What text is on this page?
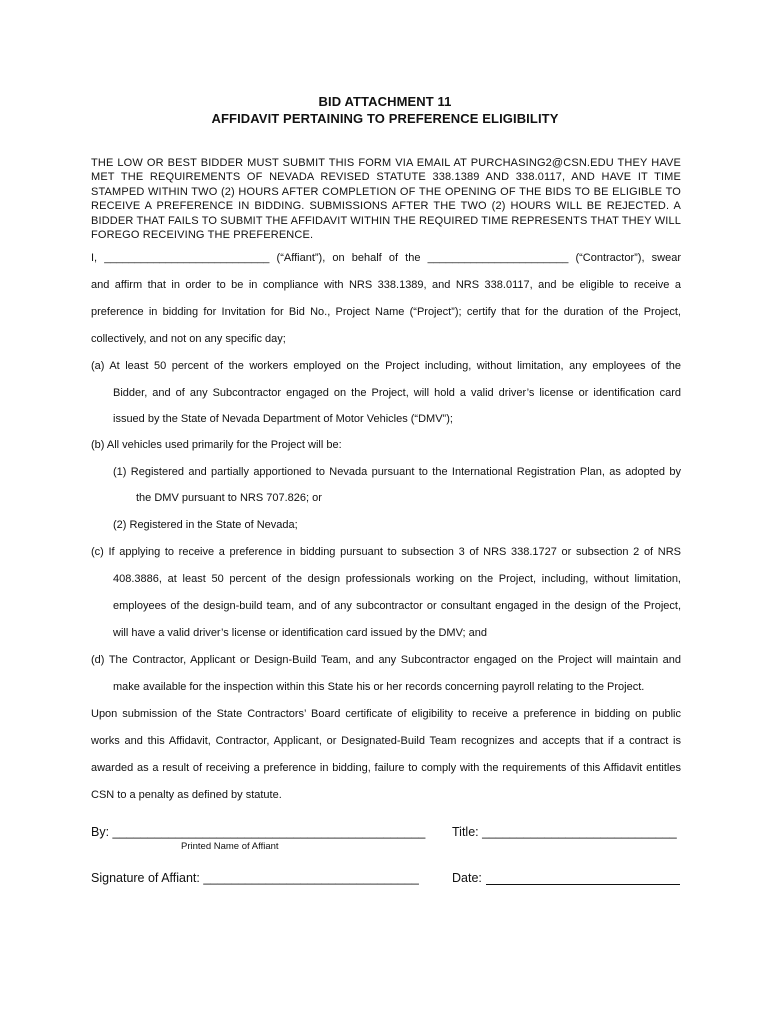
BID ATTACHMENT 11
AFFIDAVIT PERTAINING TO PREFERENCE ELIGIBILITY
THE LOW OR BEST BIDDER MUST SUBMIT THIS FORM VIA EMAIL AT PURCHASING2@CSN.EDU THEY HAVE MET THE REQUIREMENTS OF NEVADA REVISED STATUTE 338.1389 AND 338.0117, AND HAVE IT TIME STAMPED WITHIN TWO (2) HOURS AFTER COMPLETION OF THE OPENING OF THE BIDS TO BE ELIGIBLE TO RECEIVE A PREFERENCE IN BIDDING. SUBMISSIONS AFTER THE TWO (2) HOURS WILL BE REJECTED. A BIDDER THAT FAILS TO SUBMIT THE AFFIDAVIT WITHIN THE REQUIRED TIME REPRESENTS THAT THEY WILL FOREGO RECEIVING THE PREFERENCE.
I, ___________________________ (“Affiant”), on behalf of the _______________________ (“Contractor”), swear
and affirm that in order to be in compliance with NRS 338.1389, and NRS 338.0117, and be eligible to receive a
preference in bidding for Invitation for Bid No., Project Name (“Project”); certify that for the duration of the Project,
collectively, and not on any specific day;
(a) At least 50 percent of the workers employed on the Project including, without limitation, any employees of the
Bidder, and of any Subcontractor engaged on the Project, will hold a valid driver’s license or identification card
issued by the State of Nevada Department of Motor Vehicles (“DMV”);
(b) All vehicles used primarily for the Project will be:
(1) Registered and partially apportioned to Nevada pursuant to the International Registration Plan, as adopted by
the DMV pursuant to NRS 707.826; or
(2) Registered in the State of Nevada;
(c) If applying to receive a preference in bidding pursuant to subsection 3 of NRS 338.1727 or subsection 2 of NRS
408.3886, at least 50 percent of the design professionals working on the Project, including, without limitation,
employees of the design-build team, and of any subcontractor or consultant engaged in the design of the Project,
will have a valid driver’s license or identification card issued by the DMV; and
(d) The Contractor, Applicant or Design-Build Team, and any Subcontractor engaged on the Project will maintain and
make available for the inspection within this State his or her records concerning payroll relating to the Project.
Upon submission of the State Contractors’ Board certificate of eligibility to receive a preference in bidding on public
works and this Affidavit, Contractor, Applicant, or Designated-Build Team recognizes and accepts that if a contract is
awarded as a result of receiving a preference in bidding, failure to comply with the requirements of this Affidavit entitles
CSN to a penalty as defined by statute.
By: _____________________________________________
Printed Name of Affiant
Title: ____________________________
Signature of Affiant: _______________________________	Date:
